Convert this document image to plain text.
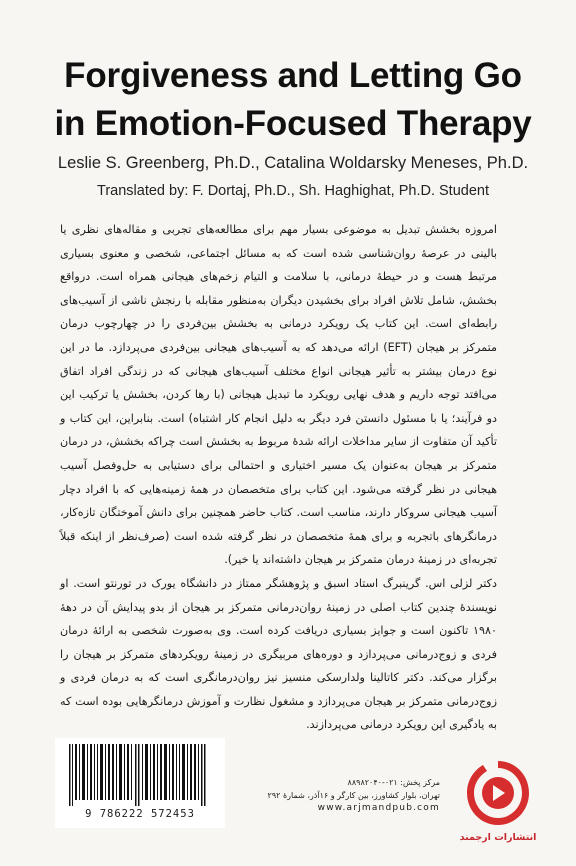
Forgiveness and Letting Go
in Emotion-Focused Therapy
Leslie S. Greenberg, Ph.D., Catalina Woldarsky Meneses, Ph.D.
Translated by: F. Dortaj, Ph.D., Sh. Haghighat, Ph.D. Student

امروزه بخشش تبدیل به موضوعی بسیار مهم برای مطالعه‌های تجربی و مقاله‌های نظری یا بالینی در عرصهٔ روان‌شناسی شده است که به مسائل اجتماعی، شخصی و معنوی بسیاری مرتبط هست و در حیطهٔ درمانی، با سلامت و التیام زخم‌های هیجانی همراه است. درواقع بخشش، شامل تلاش افراد برای بخشیدن دیگران به‌منظور مقابله با رنجش ناشی از آسیب‌های رابطه‌ای است. این کتاب یک رویکرد درمانی به بخشش بین‌فردی را در چهارچوب درمان متمرکز بر هیجان (EFT) ارائه می‌دهد که به آسیب‌های هیجانی بین‌فردی می‌پردازد. ما در این نوع درمان بیشتر به تأثیر هیجانی انواع مختلف آسیب‌های هیجانی که در زندگی افراد اتفاق می‌افتد توجه داریم و هدف نهایی رویکرد ما تبدیل هیجانی (با رها کردن، بخشش یا ترکیب این دو فرآیند؛ یا با مسئول دانستن فرد دیگر به دلیل انجام کار اشتباه) است. بنابراین، این کتاب و تأکید آن متفاوت از سایر مداخلات ارائه شدهٔ مربوط به بخشش است چراکه بخشش، در درمان متمرکز بر هیجان به‌عنوان یک مسیر اختیاری و احتمالی برای دستیابی به حل‌وفصل آسیب هیجانی در نظر گرفته می‌شود. این کتاب برای متخصصان در همهٔ زمینه‌هایی که با افراد دچار آسیب هیجانی سروکار دارند، مناسب است. کتاب حاضر همچنین برای دانش آموختگان تازه‌کار، درمانگرهای باتجربه و برای همهٔ متخصصان در نظر گرفته شده است (صرف‌نظر از اینکه قبلاً تجربه‌ای در زمینهٔ درمان متمرکز بر هیجان داشته‌اند یا خیر).

دکتر لزلی اس. گرینبرگ استاد اسبق و پژوهشگر ممتاز در دانشگاه یورک در تورنتو است. او نویسندهٔ چندین کتاب اصلی در زمینهٔ روان‌درمانی متمرکز بر هیجان از بدو پیدایش آن در دههٔ ۱۹۸۰ تاکنون است و جوایز بسیاری دریافت کرده است. وی به‌صورت شخصی به ارائهٔ درمان فردی و زوج‌درمانی می‌پردازد و دوره‌های مربیگری در زمینهٔ رویکردهای متمرکز بر هیجان را برگزار می‌کند. دکتر کاتالینا ولدارسکی منسیز نیز روان‌درمانگری است که به درمان فردی و زوج‌درمانی متمرکز بر هیجان می‌پردازد و مشغول نظارت و آموزش درمانگرهایی بوده است که به یادگیری این رویکرد درمانی می‌پردازند.

9 786222 572453
مرکز پخش: ۰۲۱-۸۸۹۸۲۰۴۰
تهران، بلوار کشاورز، بین کارگر و ۱۶آذر، شمارهٔ ۲۹۲
www.arjmandpub.com
انتشارات ارجمند
